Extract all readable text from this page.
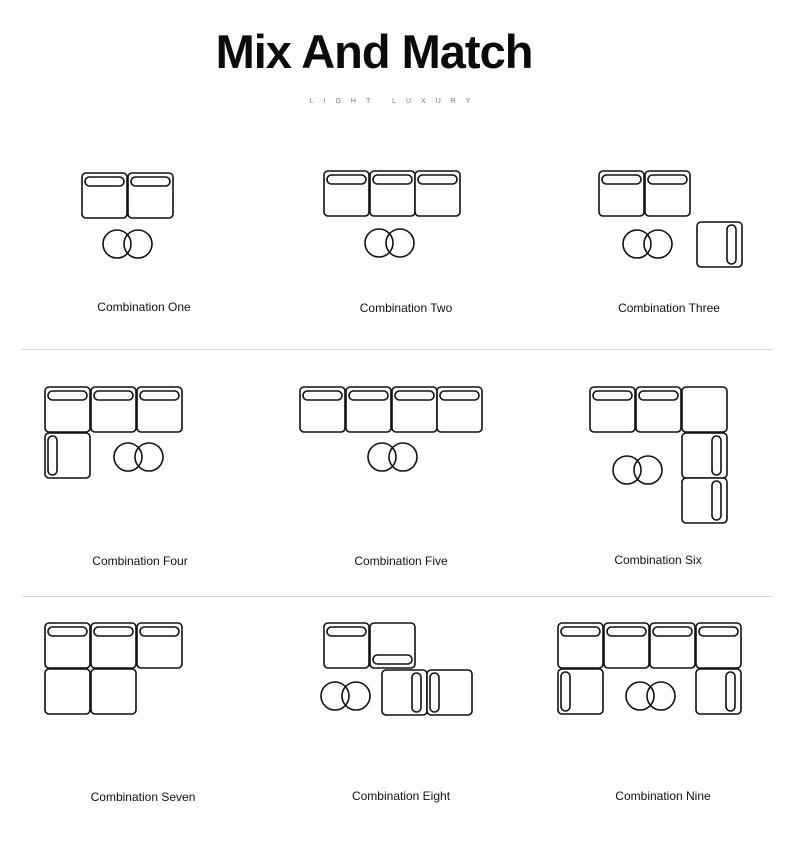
Mix And Match
LIGHT LUXURY
Combination One	Combination Two	Combination Three
Combination Four	Combination Five	Combination Six
Combination Seven	Combination Eight	Combination Nine
